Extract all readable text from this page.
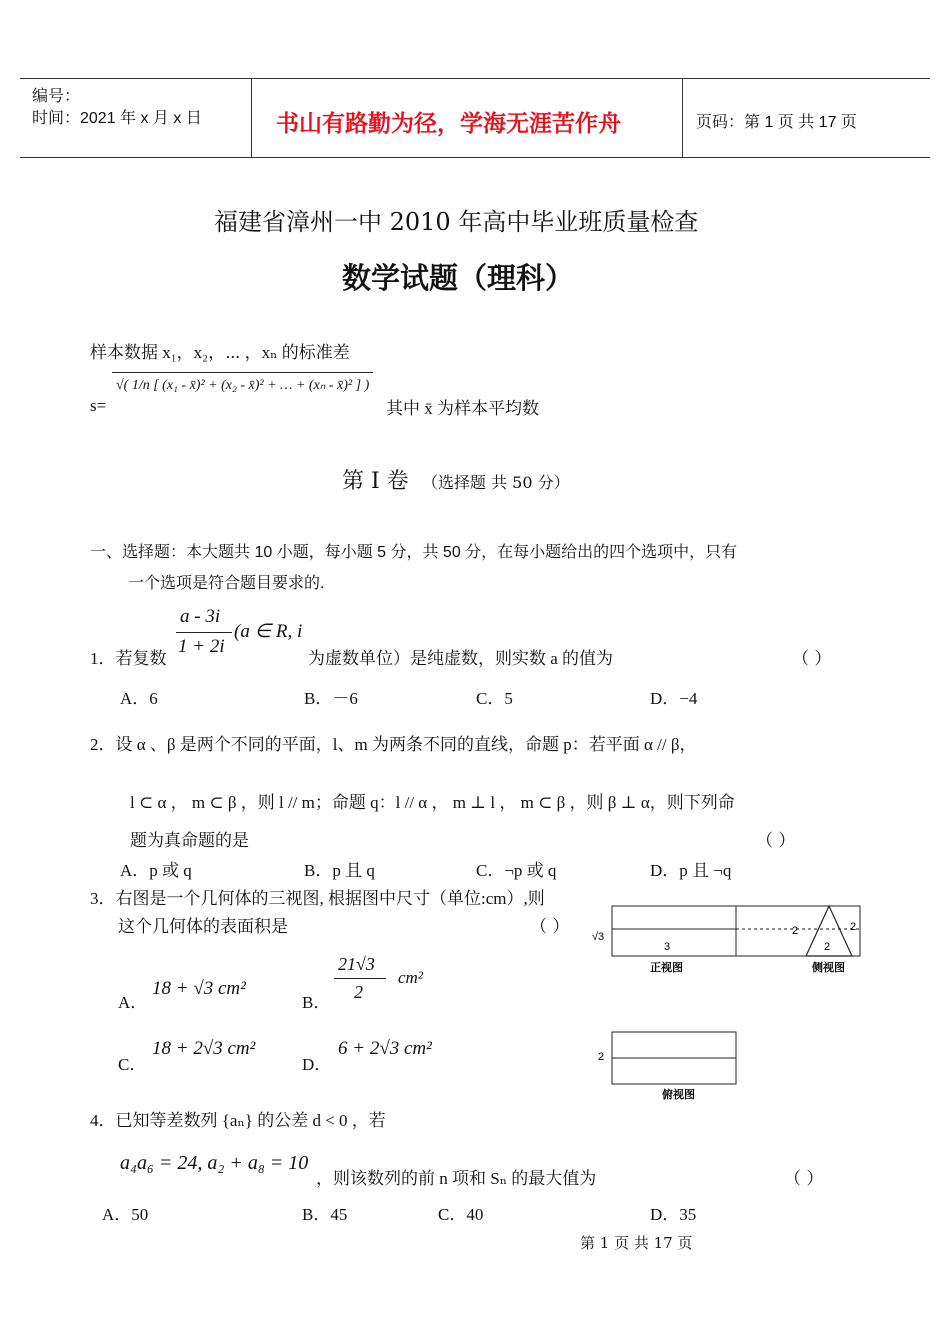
编号：
时间：2021 年 x 月 x 日	书山有路勤为径，学海无涯苦作舟	页码：第 1 页 共 17 页
福建省漳州一中 2010 年高中毕业班质量检查
数学试题（理科）
样本数据 x₁，x₂，⋯ ，xₙ 的标准差
s=
√( 1/n [ (x₁ - x̄)² + (x₂ - x̄)² + … + (xₙ - x̄)² ] )
其中 x̄ 为样本平均数
第 I 卷 （选择题 共 50 分）
一、选择题：本大题共 10 小题，每小题 5 分，共 50 分，在每小题给出的四个选项中，只有
一个选项是符合题目要求的.
a - 3i
1 + 2i
(a ∈ R, i
1．若复数	为虚数单位）是纯虚数，则实数 a 的值为	（ ）
A．6	B．－6	C．5	D．−4
2．设 α 、β 是两个不同的平面，l、m 为两条不同的直线，命题 p：若平面 α // β，
l ⊂ α ， m ⊂ β ，则 l // m；命题 q：l // α ， m ⊥ l ， m ⊂ β ，则 β ⊥ α，则下列命
题为真命题的是	（ ）
A．p 或 q	B．p 且 q	C．¬p 或 q	D．p 且 ¬q
3．右图是一个几何体的三视图, 根据图中尺寸（单位:cm）,则
这个几何体的表面积是	（ ）
A．
18 + √3 cm²
B．
21√3
2
cm²
C．
18 + 2√3 cm²
D．
6 + 2√3 cm²
√3
3
2	2
2
正视图	侧视图
2
俯视图
4．已知等差数列 {aₙ} 的公差 d < 0 ，若
a₄a₆ = 24, a₂ + a₈ = 10
，则该数列的前 n 项和 Sₙ 的最大值为	（ ）
A．50	B．45	C．40	D．35
第 1 页 共 17 页
